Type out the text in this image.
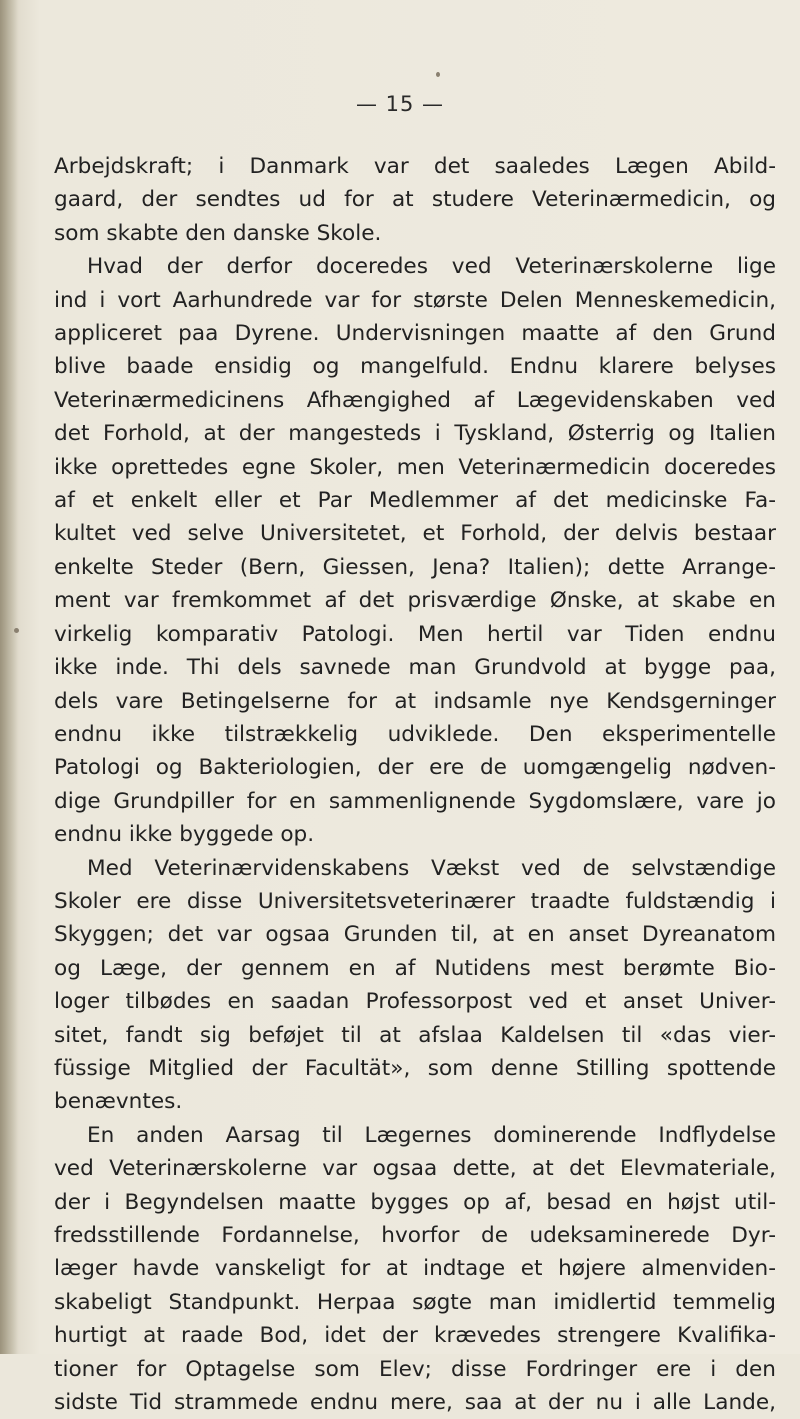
— 15 —
Arbejdskraft; i Danmark var det saaledes Lægen Abild-
gaard, der sendtes ud for at studere Veterinærmedicin, og
som skabte den danske Skole.
Hvad der derfor doceredes ved Veterinærskolerne lige
ind i vort Aarhundrede var for største Delen Menneskemedicin,
appliceret paa Dyrene. Undervisningen maatte af den Grund
blive baade ensidig og mangelfuld. Endnu klarere belyses
Veterinærmedicinens Afhængighed af Lægevidenskaben ved
det Forhold, at der mangesteds i Tyskland, Østerrig og Italien
ikke oprettedes egne Skoler, men Veterinærmedicin doceredes
af et enkelt eller et Par Medlemmer af det medicinske Fa-
kultet ved selve Universitetet, et Forhold, der delvis bestaar
enkelte Steder (Bern, Giessen, Jena? Italien); dette Arrange-
ment var fremkommet af det prisværdige Ønske, at skabe en
virkelig komparativ Patologi. Men hertil var Tiden endnu
ikke inde. Thi dels savnede man Grundvold at bygge paa,
dels vare Betingelserne for at indsamle nye Kendsgerninger
endnu ikke tilstrækkelig udviklede. Den eksperimentelle
Patologi og Bakteriologien, der ere de uomgængelig nødven-
dige Grundpiller for en sammenlignende Sygdomslære, vare jo
endnu ikke byggede op.
Med Veterinærvidenskabens Vækst ved de selvstændige
Skoler ere disse Universitetsveterinærer traadte fuldstændig i
Skyggen; det var ogsaa Grunden til, at en anset Dyreanatom
og Læge, der gennem en af Nutidens mest berømte Bio-
loger tilbødes en saadan Professorpost ved et anset Univer-
sitet, fandt sig beføjet til at afslaa Kaldelsen til «das vier-
füssige Mitglied der Facultät», som denne Stilling spottende
benævntes.
En anden Aarsag til Lægernes dominerende Indflydelse
ved Veterinærskolerne var ogsaa dette, at det Elevmateriale,
der i Begyndelsen maatte bygges op af, besad en højst util-
fredsstillende Fordannelse, hvorfor de udeksaminerede Dyr-
læger havde vanskeligt for at indtage et højere almenviden-
skabeligt Standpunkt. Herpaa søgte man imidlertid temmelig
hurtigt at raade Bod, idet der krævedes strengere Kvalifika-
tioner for Optagelse som Elev; disse Fordringer ere i den
sidste Tid strammede endnu mere, saa at der nu i alle Lande,
